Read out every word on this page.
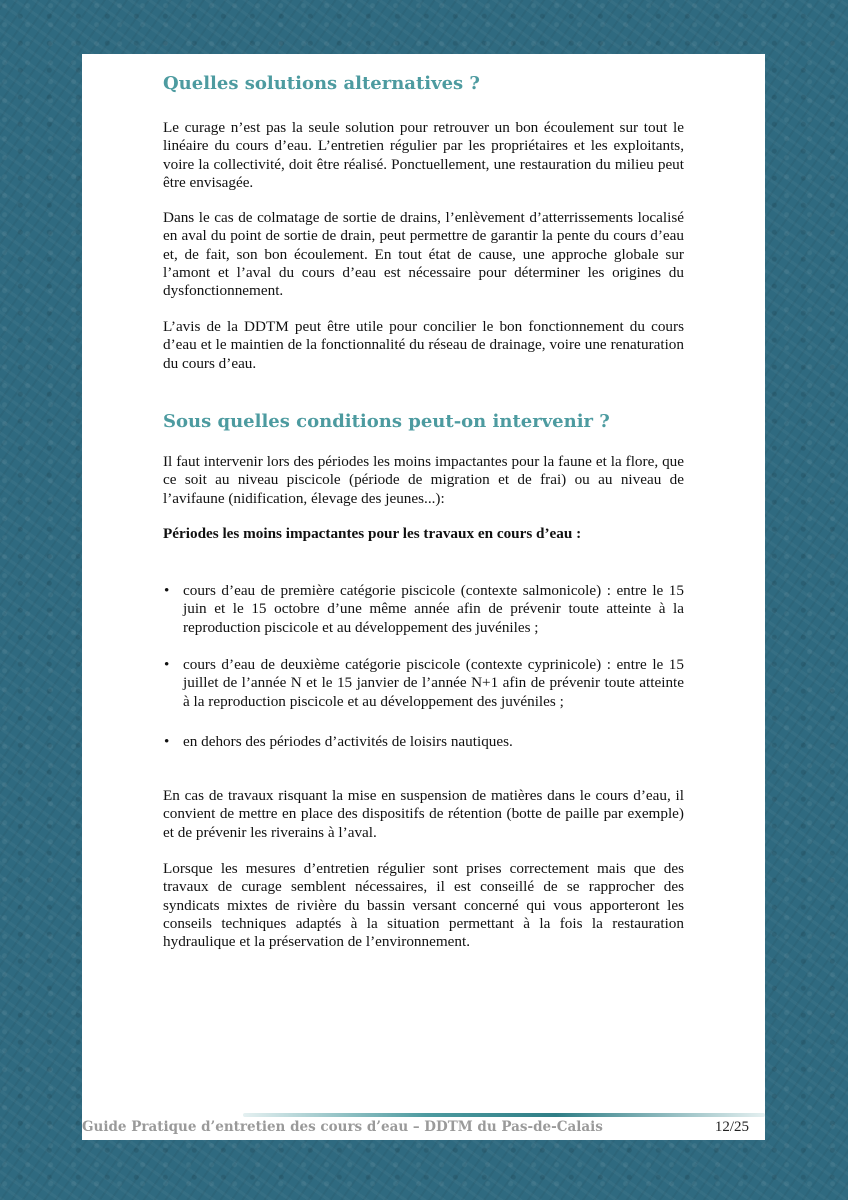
Quelles solutions alternatives ?

Le curage n’est pas la seule solution pour retrouver un bon écoulement sur tout le linéaire du cours d’eau. L’entretien régulier par les propriétaires et les exploitants, voire la collectivité, doit être réalisé. Ponctuellement, une restauration du milieu peut être envisagée.

Dans le cas de colmatage de sortie de drains, l’enlèvement d’atterrissements localisé en aval du point de sortie de drain, peut permettre de garantir la pente du cours d’eau et, de fait, son bon écoulement. En tout état de cause, une approche globale sur l’amont et l’aval du cours d’eau est nécessaire pour déterminer les origines du dysfonctionnement.

L’avis de la DDTM peut être utile pour concilier le bon fonctionnement du cours d’eau et le maintien de la fonctionnalité du réseau de drainage, voire une renaturation du cours d’eau.

Sous quelles conditions peut-on intervenir ?

Il faut intervenir lors des périodes les moins impactantes pour la faune et la flore, que ce soit au niveau piscicole (période de migration et de frai) ou au niveau de l’avifaune (nidification, élevage des jeunes...):

Périodes les moins impactantes pour les travaux en cours d’eau :

• cours d’eau de première catégorie piscicole (contexte salmonicole) : entre le 15 juin et le 15 octobre d’une même année afin de prévenir toute atteinte à la reproduction piscicole et au développement des juvéniles ;
• cours d’eau de deuxième catégorie piscicole (contexte cyprinicole) : entre le 15 juillet de l’année N et le 15 janvier de l’année N+1 afin de prévenir toute atteinte à la reproduction piscicole et au développement des juvéniles ;
• en dehors des périodes d’activités de loisirs nautiques.

En cas de travaux risquant la mise en suspension de matières dans le cours d’eau, il convient de mettre en place des dispositifs de rétention (botte de paille par exemple) et de prévenir les riverains à l’aval.

Lorsque les mesures d’entretien régulier sont prises correctement mais que des travaux de curage semblent nécessaires, il est conseillé de se rapprocher des syndicats mixtes de rivière du bassin versant concerné qui vous apporteront les conseils techniques adaptés à la situation permettant à la fois la restauration hydraulique et la préservation de l’environnement.

Guide Pratique d’entretien des cours d’eau – DDTM du Pas-de-Calais	12/25
